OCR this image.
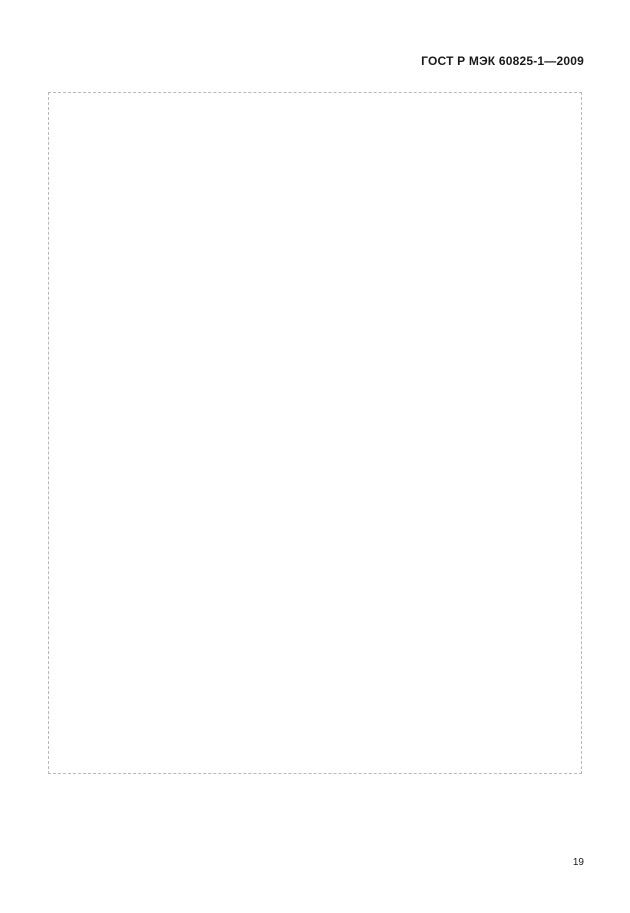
ГОСТ Р МЭК 60825-1—2009
19
